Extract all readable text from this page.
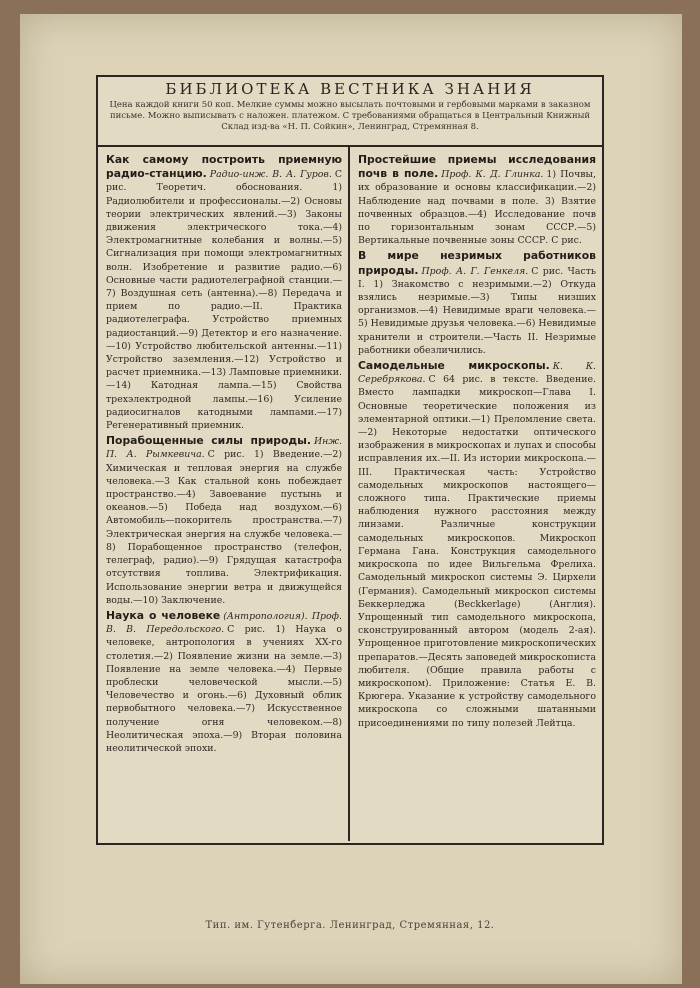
БИБЛИОТЕКА ВЕСТНИКА ЗНАНИЯ
Цена каждой книги 50 коп. Мелкие суммы можно высылать почтовыми и гербовыми марками в заказном письме. Можно выписывать с наложен. платежом. С требованиями обращаться в Центральный Книжный Склад изд-ва «Н. П. Сойкин», Ленинград, Стремянная 8.
Как самому построить приемную радио-станцию. Радио-инж. В. А. Гуров. С рис. Теоретич. обоснования. 1) Радиолюбители и профессионалы.—2) Основы теории электрических явлений.—3) Законы движения электрического тока.—4) Электромагнитные колебания и волны.—5) Сигнализация при помощи электромагнитных волн. Изобретение и развитие радио.—6) Основные части радиотелеграфной станции.—7) Воздушная сеть (антенна).—8) Передача и прием по радио.—II. Практика радиотелеграфа. Устройство приемных радиостанций.—9) Детектор и его назначение.—10) Устройство любительской антенны.—11) Устройство заземления.—12) Устройство и расчет приемника.—13) Ламповые приемники.—14) Катодная лампа.—15) Свойства трехэлектродной лампы.—16) Усиление радиосигналов катодными лампами.—17) Регенеративный приемник.
Порабощенные силы природы. Инж. П. А. Рымкевича. С рис. 1) Введение.—2) Химическая и тепловая энергия на службе человека.—3 Как стальной конь побеждает пространство.—4) Завоевание пустынь и океанов.—5) Победа над воздухом.—6) Автомобиль—покоритель пространства.—7) Электрическая энергия на службе человека.—8) Порабощенное пространство (телефон, телеграф, радио).—9) Грядущая катастрофа отсутствия топлива. Электрификация. Использование энергии ветра и движущейся воды.—10) Заключение.
Наука о человеке (Антропология). Проф. В. В. Передольского. С рис. 1) Наука о человеке, антропология в учениях XX-го столетия.—2) Появление жизни на земле.—3) Появление на земле человека.—4) Первые проблески человеческой мысли.—5) Человечество и огонь.—6) Духовный облик первобытного человека.—7) Искусственное получение огня человеком.—8) Неолитическая эпоха.—9) Вторая половина неолитической эпохи.
Простейшие приемы исследования почв в поле. Проф. К. Д. Глинка. 1) Почвы, их образование и основы классификации.—2) Наблюдение над почвами в поле. 3) Взятие почвенных образцов.—4) Исследование почв по горизонтальным зонам СССР.—5) Вертикальные почвенные зоны СССР. С рис.
В мире незримых работников природы. Проф. А. Г. Генкеля. С рис. Часть I. 1) Знакомство с незримыми.—2) Откуда взялись незримые.—3) Типы низших организмов.—4) Невидимые враги человека.—5) Невидимые друзья человека.—6) Невидимые хранители и строители.—Часть II. Незримые работники обезличились.
Самодельные микроскопы. К. К. Серебрякова. С 64 рис. в тексте. Введение. Вместо лампадки микроскоп—Глава I. Основные теоретические положения из элементарной оптики.—1) Преломление света.—2) Некоторые недостатки оптического изображения в микроскопах и лупах и способы исправления их.—II. Из истории микроскопа.—III. Практическая часть: Устройство самодельных микроскопов настоящего—сложного типа. Практические приемы наблюдения нужного расстояния между линзами. Различные конструкции самодельных микроскопов. Микроскоп Германа Гана. Конструкция самодельного микроскопа по идее Вильгельма Фрелиха. Самодельный микроскоп системы Э. Цирхели (Германия). Самодельный микроскоп системы Беккерледжа (Beckkerlage) (Англия). Упрощенный тип самодельного микроскопа, сконструированный автором (модель 2-ая). Упрощенное приготовление микроскопических препаратов.—Десять заповедей микроскописта любителя. (Общие правила работы с микроскопом). Приложение: Статья Е. В. Крюгера. Указание к устройству самодельного микроскопа со сложными шатанными присоединениями по типу полезей Лейтца.
Тип. им. Гутенберга. Ленинград, Стремянная, 12.
